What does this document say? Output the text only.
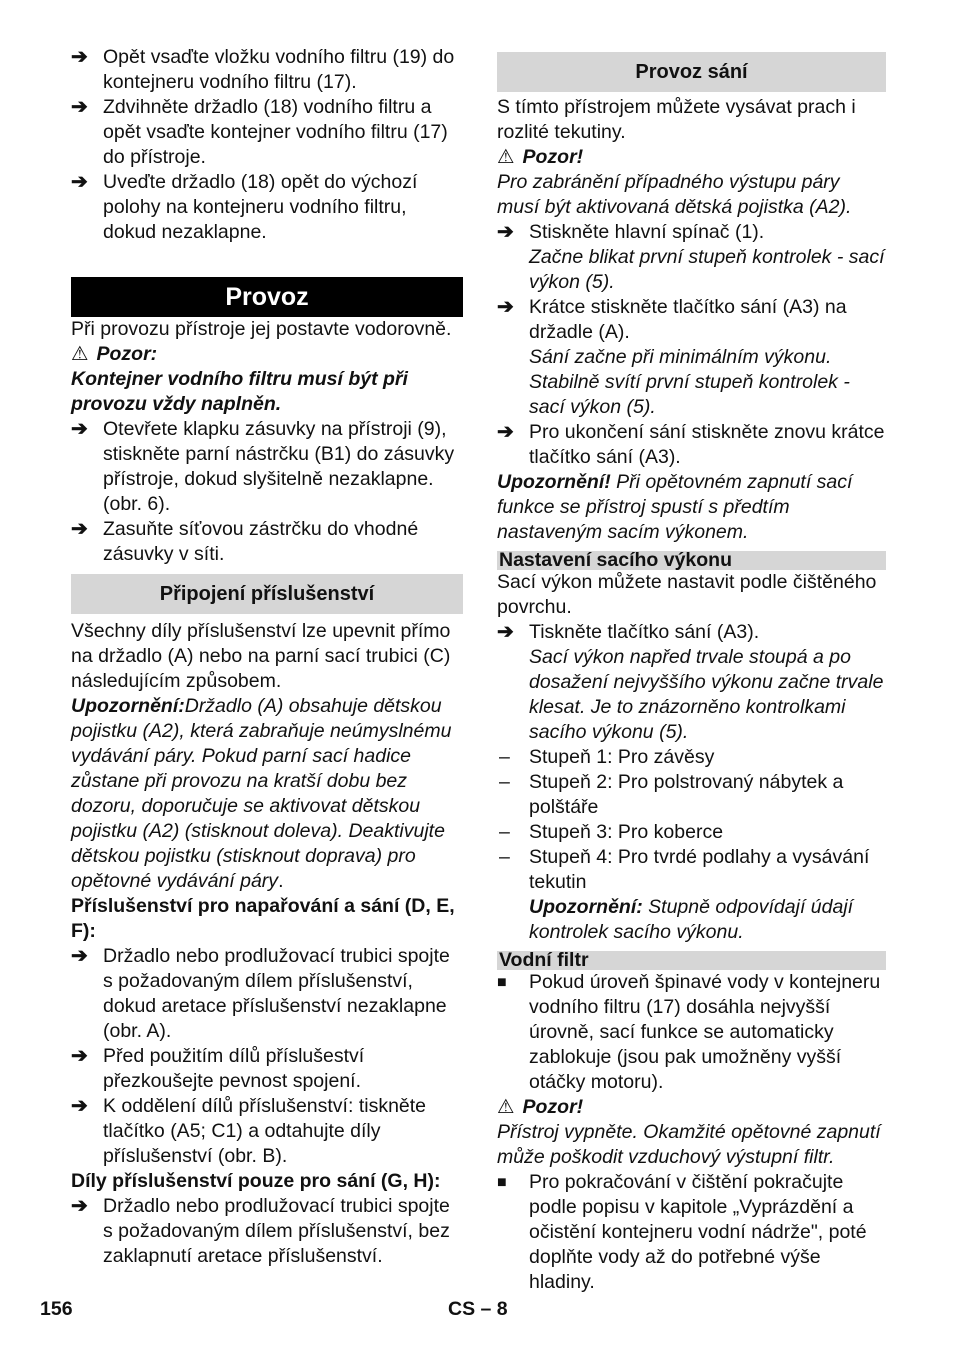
➔ Opět vsaďte vložku vodního filtru (19) do kontejneru vodního filtru (17).
➔ Zdvihněte držadlo (18) vodního filtru a opět vsaďte kontejner vodního filtru (17) do přístroje.
➔ Uveďte držadlo (18) opět do výchozí polohy na kontejneru vodního filtru, dokud nezaklapne.
Provoz

Při provozu přístroje jej postavte vodorovně.

⚠ Pozor:

Kontejner vodního filtru musí být při provozu vždy naplněn.

➔ Otevřete klapku zásuvky na přístroji (9), stiskněte parní nástrčku (B1) do zásuvky přístroje, dokud slyšitelně nezaklapne. (obr. 6).
➔ Zasuňte síťovou zástrčku do vhodné zásuvky v síti.
Připojení příslušenství

Všechny díly příslušenství lze upevnit přímo na držadlo (A) nebo na parní sací trubici (C) následujícím způsobem.

Upozornění:Držadlo (A) obsahuje dětskou pojistku (A2), která zabraňuje neúmyslnému vydávání páry. Pokud parní sací hadice zůstane při provozu na kratší dobu bez dozoru, doporučuje se aktivovat dětskou pojistku (A2) (stisknout doleva). Deaktivujte dětskou pojistku (stisknout doprava) pro opětovné vydávání páry.

Příslušenství pro napařování a sání (D, E, F):

➔ Držadlo nebo prodlužovací trubici spojte s požadovaným dílem příslušenství, dokud aretace příslušenství nezaklapne (obr. A).
➔ Před použitím dílů příslušeství přezkoušejte pevnost spojení.
➔ K oddělení dílů příslušenství: tiskněte tlačítko (A5; C1) a odtahujte díly příslušenství (obr. B).

Díly příslušenství pouze pro sání (G, H):

➔ Držadlo nebo prodlužovací trubici spojte s požadovaným dílem příslušenství, bez zaklapnutí aretace příslušenství.
Provoz sání

S tímto přístrojem můžete vysávat prach i rozlité tekutiny.

⚠ Pozor!

Pro zabránění případného výstupu páry musí být aktivovaná dětská pojistka (A2).

➔ Stiskněte hlavní spínač (1).
Začne blikat první stupeň kontrolek - sací výkon (5).
➔ Krátce stiskněte tlačítko sání (A3) na držadle (A).
Sání začne při minimálním výkonu. Stabilně svítí první stupeň kontrolek - sací výkon (5).
➔ Pro ukončení sání stiskněte znovu krátce tlačítko sání (A3).

Upozornění! Při opětovném zapnutí sací funkce se přístroj spustí s předtím nastaveným sacím výkonem.

Nastavení sacího výkonu

Sací výkon můžete nastavit podle čištěného povrchu.

➔ Tiskněte tlačítko sání (A3).
Sací výkon napřed trvale stoupá a po dosažení nejvyššího výkonu začne trvale klesat. Je to znázorněno kontrolkami sacího výkonu (5).
– Stupeň 1: Pro závěsy
– Stupeň 2: Pro polstrovaný nábytek a polštáře
– Stupeň 3: Pro koberce
– Stupeň 4: Pro tvrdé podlahy a vysávání tekutin
Upozornění: Stupně odpovídají údají kontrolek sacího výkonu.
Vodní filtr
■	Pokud úroveň špinavé vody v kontejneru vodního filtru (17) dosáhla nejvyšší úrovně, sací funkce se automaticky zablokuje (jsou pak umožněny vyšší otáčky motoru).

⚠ Pozor!

Přístroj vypněte. Okamžité opětovné zapnutí může poškodit vzduchový výstupní filtr.

■	Pro pokračování v čištění pokračujte podle popisu v kapitole „Vyprázdění a očistění kontejneru vodní nádrže", poté doplňte vody až do potřebné výše hladiny.
156	CS – 8
